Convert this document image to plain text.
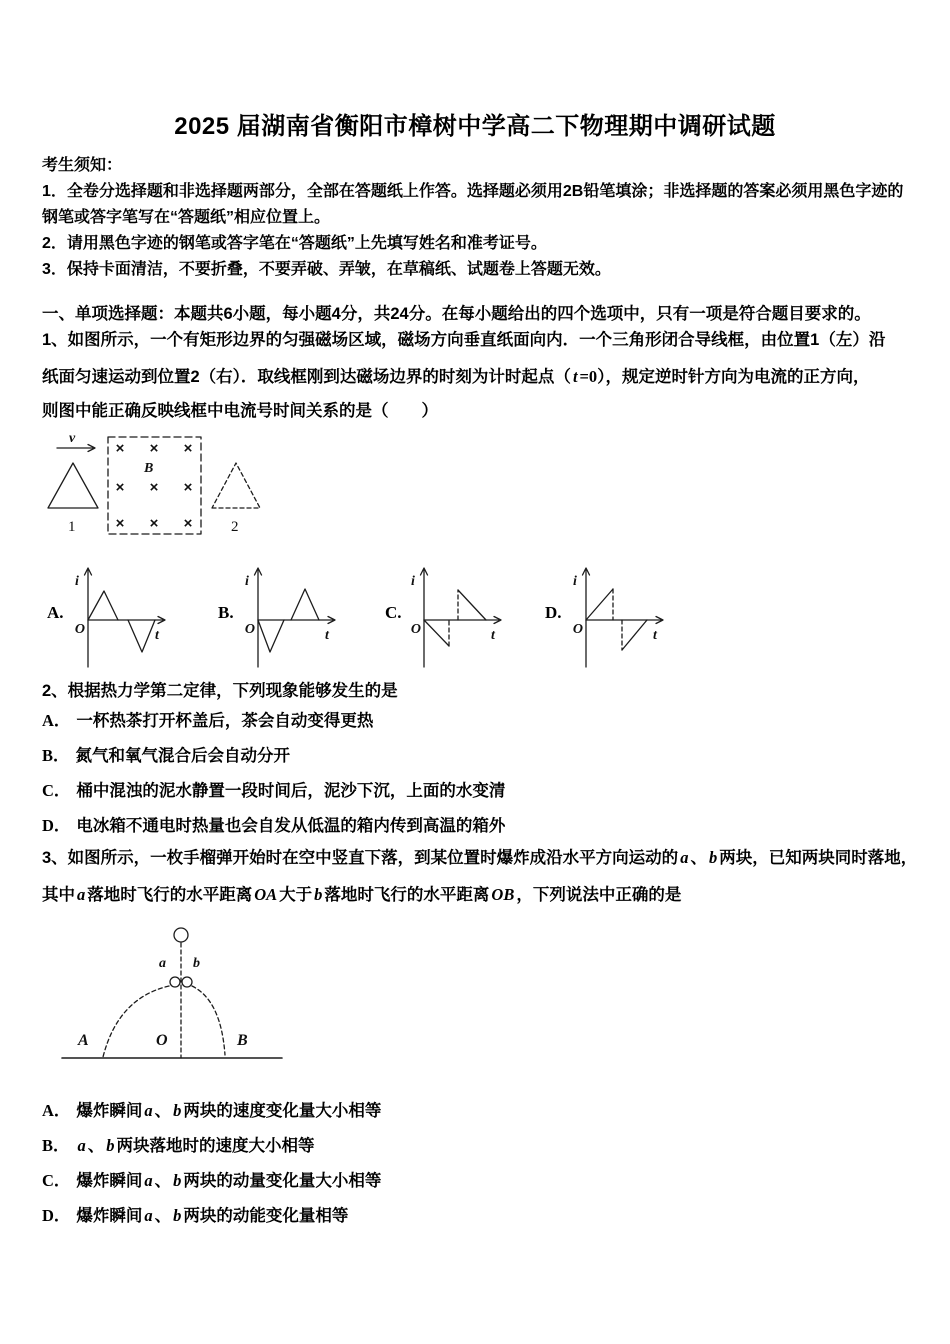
2025 届湖南省衡阳市樟树中学高二下物理期中调研试题
考生须知：
1．全卷分选择题和非选择题两部分，全部在答题纸上作答。选择题必须用2B铅笔填涂；非选择题的答案必须用黑色字迹的钢笔或答字笔写在“答题纸”相应位置上。
2．请用黑色字迹的钢笔或答字笔在“答题纸”上先填写姓名和准考证号。
3．保持卡面清洁，不要折叠，不要弄破、弄皱，在草稿纸、试题卷上答题无效。
一、单项选择题：本题共6小题，每小题4分，共24分。在每小题给出的四个选项中，只有一项是符合题目要求的。
1、如图所示，一个有矩形边界的匀强磁场区域，磁场方向垂直纸面向内．一个三角形闭合导线框，由位置1（左）沿
纸面匀速运动到位置2（右）．取线框刚到达磁场边界的时刻为计时起点（ t =0），规定逆时针方向为电流的正方向，
则图中能正确反映线框中电流号时间关系的是（　　）
v
1
× × ×
B
× × ×
× × ×	2
A.
i
O	t
B.
i
O	t
C.
i
O	t
D.
i
O	t
2、根据热力学第二定律，下列现象能够发生的是
A． 一杯热茶打开杯盖后，茶会自动变得更热
B． 氮气和氧气混合后会自动分开
C． 桶中混浊的泥水静置一段时间后，泥沙下沉，上面的水变清
D． 电冰箱不通电时热量也会自发从低温的箱内传到高温的箱外
3、如图所示，一枚手榴弹开始时在空中竖直下落，到某位置时爆炸成沿水平方向运动的 a 、 b 两块，已知两块同时落地，
其中 a 落地时飞行的水平距离 OA 大于 b 落地时飞行的水平距离 OB ，下列说法中正确的是
a b
A	O	B
A． 爆炸瞬间 a 、 b 两块的速度变化量大小相等
B． a 、 b 两块落地时的速度大小相等
C． 爆炸瞬间 a 、 b 两块的动量变化量大小相等
D． 爆炸瞬间 a 、 b 两块的动能变化量相等
